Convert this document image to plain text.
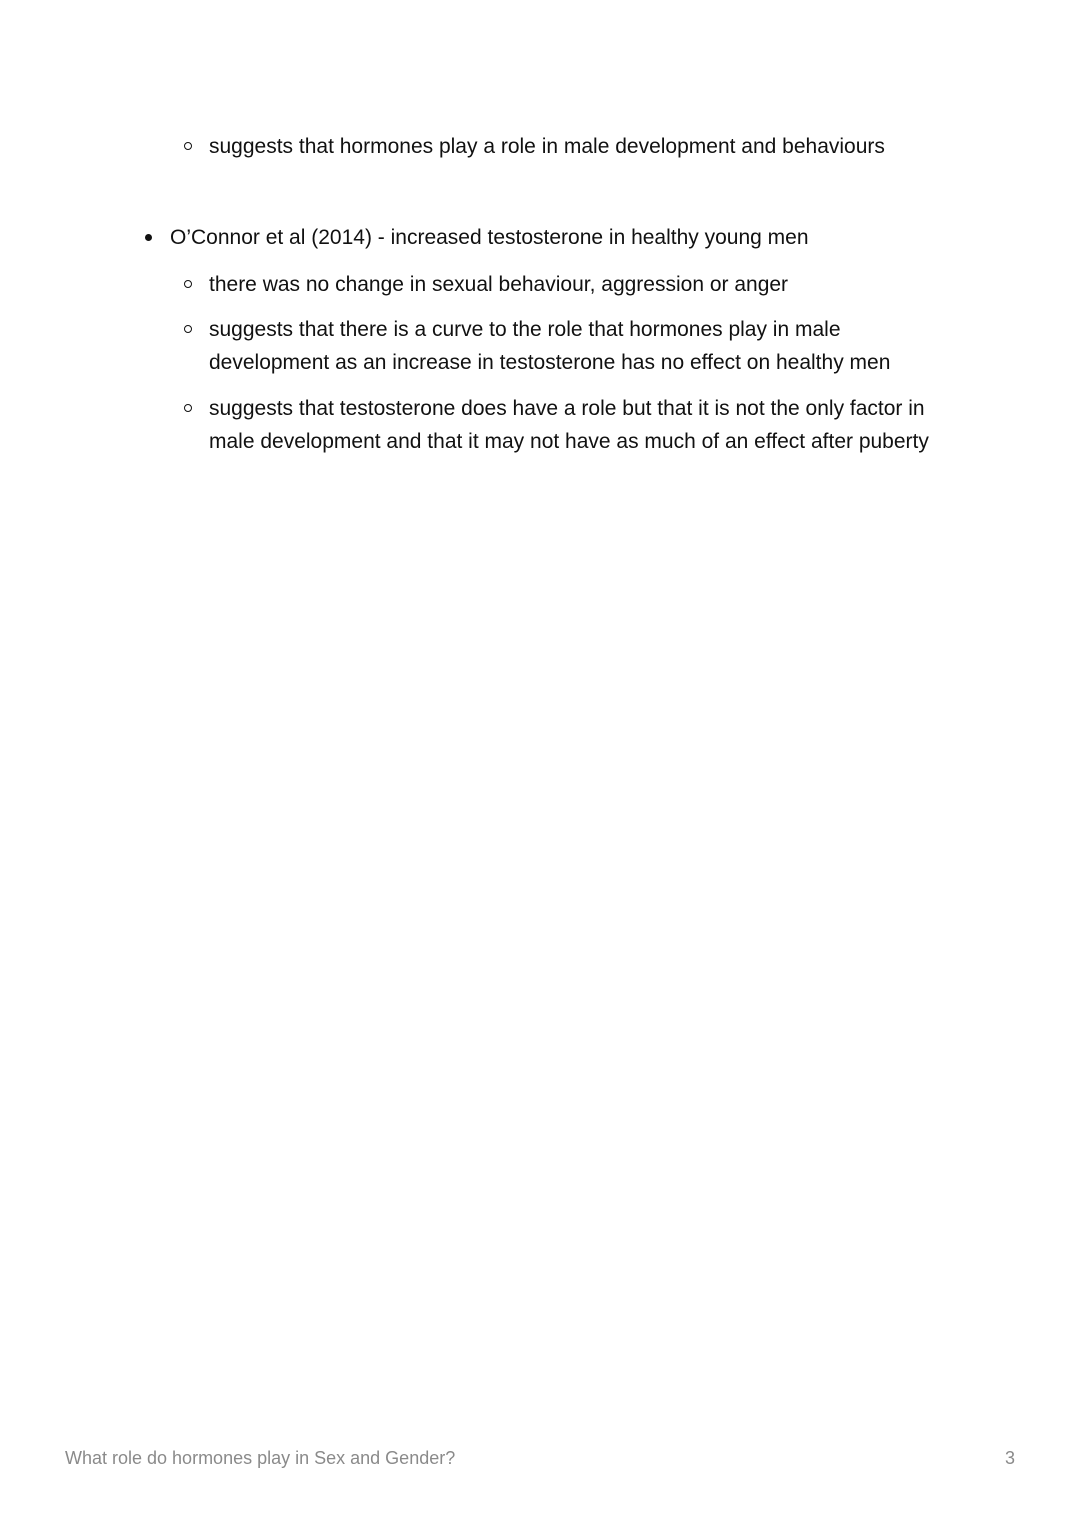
suggests that hormones play a role in male development and behaviours
O’Connor et al (2014) - increased testosterone in healthy young men
there was no change in sexual behaviour, aggression or anger
suggests that there is a curve to the role that hormones play in male development as an increase in testosterone has no effect on healthy men
suggests that testosterone does have a role but that it is not the only factor in male development and that it may not have as much of an effect after puberty
What role do hormones play in Sex and Gender?	3
